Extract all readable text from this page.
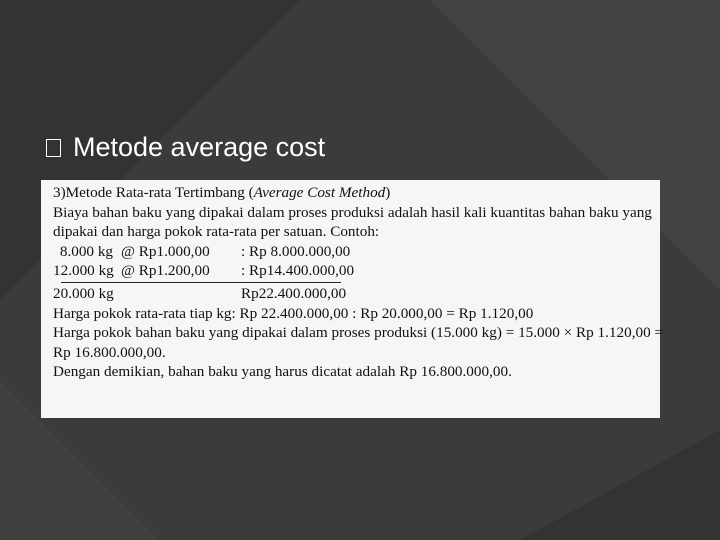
Metode average cost
3)Metode Rata-rata Tertimbang (Average Cost Method)
Biaya bahan baku yang dipakai dalam proses produksi adalah hasil kali kuantitas bahan baku yang
dipakai dan harga pokok rata-rata per satuan. Contoh:
8.000 kg @ Rp1.000,00	: Rp 8.000.000,00
12.000 kg @ Rp1.200,00	: Rp14.400.000,00
20.000 kg	Rp22.400.000,00
Harga pokok rata-rata tiap kg: Rp 22.400.000,00 : Rp 20.000,00 = Rp 1.120,00
Harga pokok bahan baku yang dipakai dalam proses produksi (15.000 kg) = 15.000 × Rp 1.120,00 =
Rp 16.800.000,00.
Dengan demikian, bahan baku yang harus dicatat adalah Rp 16.800.000,00.
